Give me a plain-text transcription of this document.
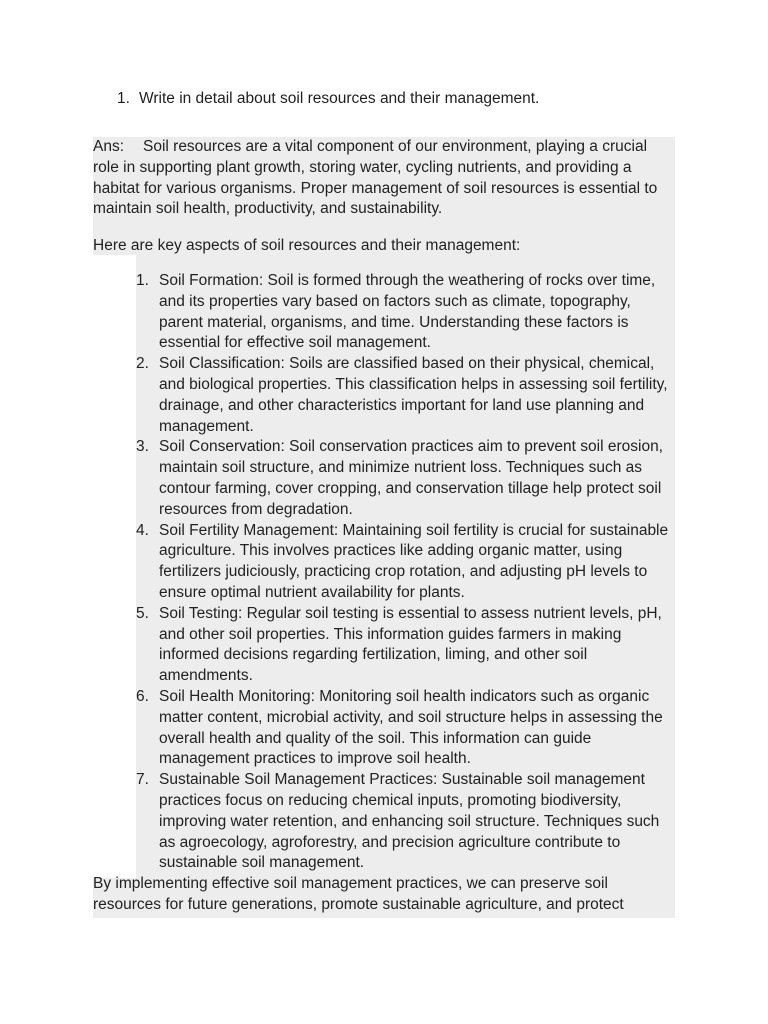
1. Write in detail about soil resources and their management.

Ans: Soil resources are a vital component of our environment, playing a crucial role in supporting plant growth, storing water, cycling nutrients, and providing a habitat for various organisms. Proper management of soil resources is essential to maintain soil health, productivity, and sustainability.

Here are key aspects of soil resources and their management:

1. Soil Formation: Soil is formed through the weathering of rocks over time, and its properties vary based on factors such as climate, topography, parent material, organisms, and time. Understanding these factors is essential for effective soil management.
2. Soil Classification: Soils are classified based on their physical, chemical, and biological properties. This classification helps in assessing soil fertility, drainage, and other characteristics important for land use planning and management.
3. Soil Conservation: Soil conservation practices aim to prevent soil erosion, maintain soil structure, and minimize nutrient loss. Techniques such as contour farming, cover cropping, and conservation tillage help protect soil resources from degradation.
4. Soil Fertility Management: Maintaining soil fertility is crucial for sustainable agriculture. This involves practices like adding organic matter, using fertilizers judiciously, practicing crop rotation, and adjusting pH levels to ensure optimal nutrient availability for plants.
5. Soil Testing: Regular soil testing is essential to assess nutrient levels, pH, and other soil properties. This information guides farmers in making informed decisions regarding fertilization, liming, and other soil amendments.
6. Soil Health Monitoring: Monitoring soil health indicators such as organic matter content, microbial activity, and soil structure helps in assessing the overall health and quality of the soil. This information can guide management practices to improve soil health.
7. Sustainable Soil Management Practices: Sustainable soil management practices focus on reducing chemical inputs, promoting biodiversity, improving water retention, and enhancing soil structure. Techniques such as agroecology, agroforestry, and precision agriculture contribute to sustainable soil management.

By implementing effective soil management practices, we can preserve soil resources for future generations, promote sustainable agriculture, and protect
